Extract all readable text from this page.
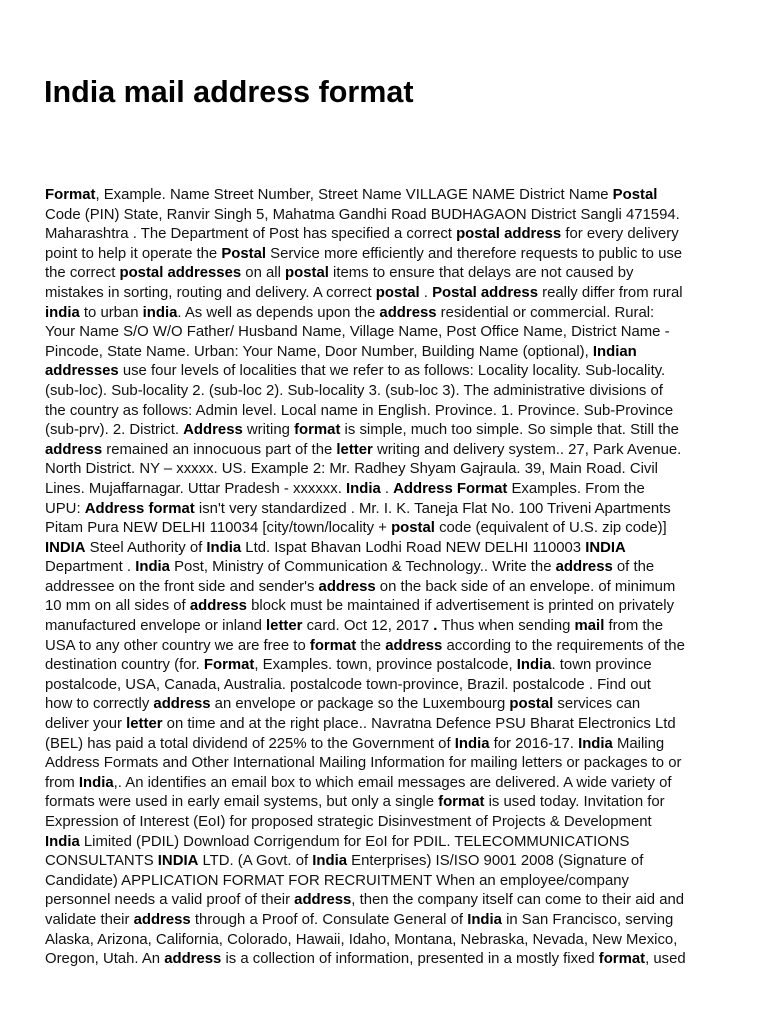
India mail address format
Format, Example. Name Street Number, Street Name VILLAGE NAME District Name Postal
Code (PIN) State, Ranvir Singh 5, Mahatma Gandhi Road BUDHAGAON District Sangli 471594.
Maharashtra . The Department of Post has specified a correct postal address for every delivery
point to help it operate the Postal Service more efficiently and therefore requests to public to use
the correct postal addresses on all postal items to ensure that delays are not caused by
mistakes in sorting, routing and delivery. A correct postal . Postal address really differ from rural
india to urban india. As well as depends upon the address residential or commercial. Rural:
Your Name S/O W/O Father/ Husband Name, Village Name, Post Office Name, District Name -
Pincode, State Name. Urban: Your Name, Door Number, Building Name (optional), Indian
addresses use four levels of localities that we refer to as follows: Locality locality. Sub-locality.
(sub-loc). Sub-locality 2. (sub-loc 2). Sub-locality 3. (sub-loc 3). The administrative divisions of
the country as follows: Admin level. Local name in English. Province. 1. Province. Sub-Province
(sub-prv). 2. District. Address writing format is simple, much too simple. So simple that. Still the
address remained an innocuous part of the letter writing and delivery system.. 27, Park Avenue.
North District. NY – xxxxx. US. Example 2: Mr. Radhey Shyam Gajraula. 39, Main Road. Civil
Lines. Mujaffarnagar. Uttar Pradesh - xxxxxx. India . Address Format Examples. From the
UPU: Address format isn't very standardized . Mr. I. K. Taneja Flat No. 100 Triveni Apartments
Pitam Pura NEW DELHI 110034 [city/town/locality + postal code (equivalent of U.S. zip code)]
INDIA Steel Authority of India Ltd. Ispat Bhavan Lodhi Road NEW DELHI 110003 INDIA
Department . India Post, Ministry of Communication & Technology.. Write the address of the
addressee on the front side and sender's address on the back side of an envelope. of minimum
10 mm on all sides of address block must be maintained if advertisement is printed on privately
manufactured envelope or inland letter card. Oct 12, 2017 . Thus when sending mail from the
USA to any other country we are free to format the address according to the requirements of the
destination country (for. Format, Examples. town, province postalcode, India. town province
postalcode, USA, Canada, Australia. postalcode town-province, Brazil. postalcode . Find out
how to correctly address an envelope or package so the Luxembourg postal services can
deliver your letter on time and at the right place.. Navratna Defence PSU Bharat Electronics Ltd
(BEL) has paid a total dividend of 225% to the Government of India for 2016-17. India Mailing
Address Formats and Other International Mailing Information for mailing letters or packages to or
from India,. An identifies an email box to which email messages are delivered. A wide variety of
formats were used in early email systems, but only a single format is used today. Invitation for
Expression of Interest (EoI) for proposed strategic Disinvestment of Projects & Development
India Limited (PDIL) Download Corrigendum for EoI for PDIL. TELECOMMUNICATIONS
CONSULTANTS INDIA LTD. (A Govt. of India Enterprises) IS/ISO 9001 2008 (Signature of
Candidate) APPLICATION FORMAT FOR RECRUITMENT When an employee/company
personnel needs a valid proof of their address, then the company itself can come to their aid and
validate their address through a Proof of. Consulate General of India in San Francisco, serving
Alaska, Arizona, California, Colorado, Hawaii, Idaho, Montana, Nebraska, Nevada, New Mexico,
Oregon, Utah. An address is a collection of information, presented in a mostly fixed format, used
